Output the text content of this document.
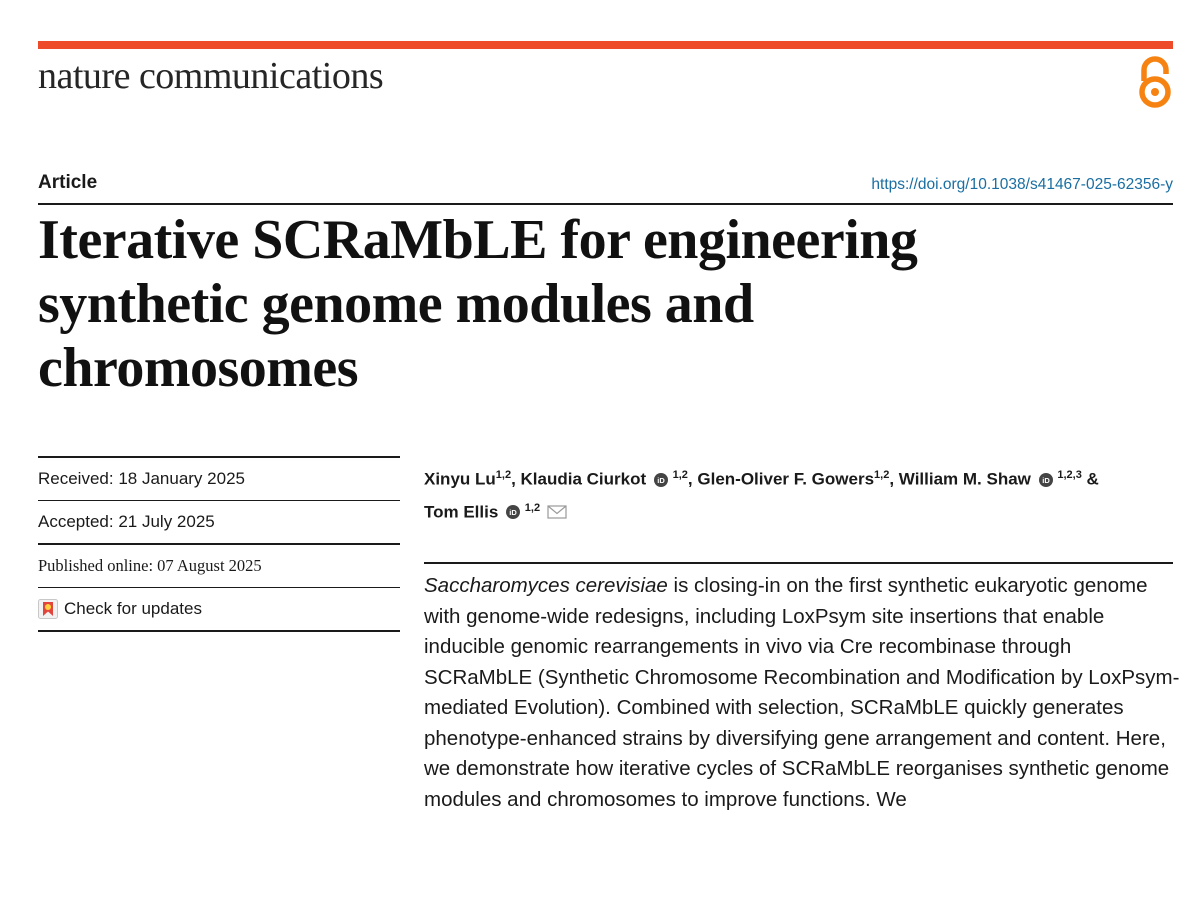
nature communications
Article	https://doi.org/10.1038/s41467-025-62356-y
Iterative SCRaMbLE for engineering
synthetic genome modules and
chromosomes
Received: 18 January 2025
Accepted: 21 July 2025
Published online: 07 August 2025
Check for updates

Xinyu Lu$^{1,2}$, Klaudia Ciurkot iD $^{1,2}$, Glen-Oliver F. Gowers$^{1,2}$, William M. Shaw iD $^{1,2,3}$ &
Tom Ellis iD $^{1,2}$

Saccharomyces cerevisiae is closing-in on the first synthetic eukaryotic genome with genome-wide redesigns, including LoxPsym site insertions that enable inducible genomic rearrangements in vivo via Cre recombinase through SCRaMbLE (Synthetic Chromosome Recombination and Modification by LoxPsym-mediated Evolution). Combined with selection, SCRaMbLE quickly generates phenotype-enhanced strains by diversifying gene arrangement and content. Here, we demonstrate how iterative cycles of SCRaMbLE reorganises synthetic genome modules and chromosomes to improve functions. We
